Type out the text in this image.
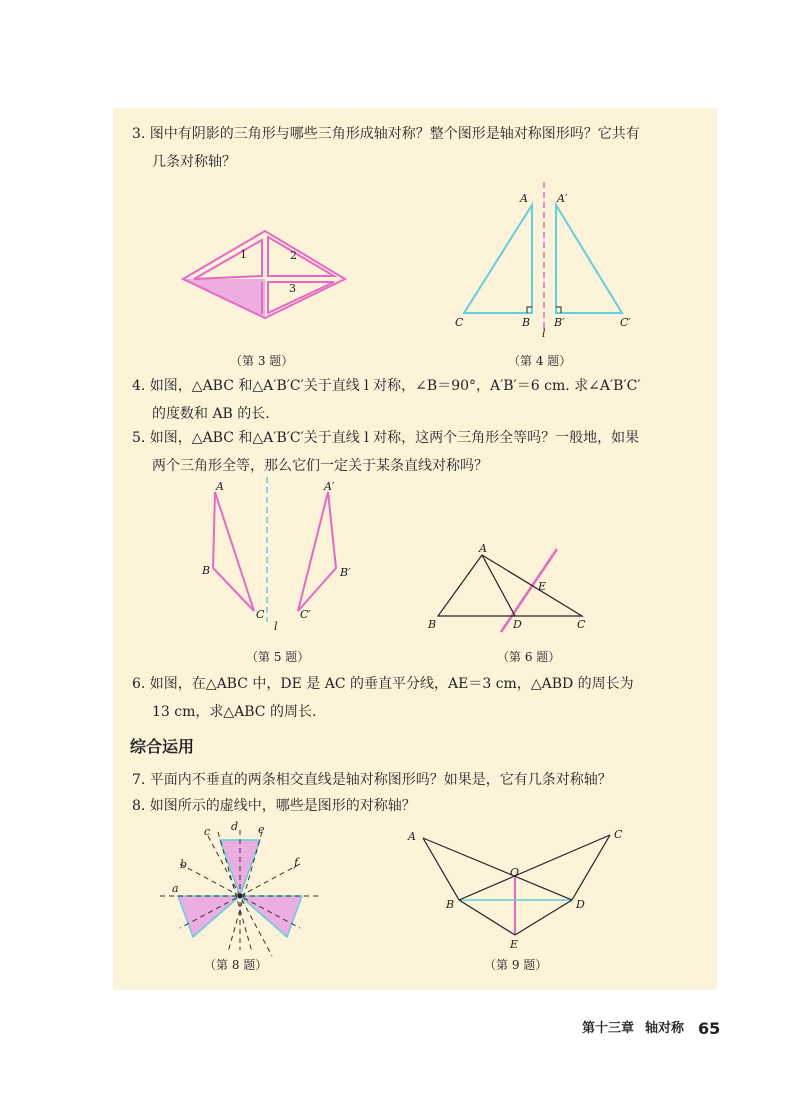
3. 图中有阴影的三角形与哪些三角形成轴对称？整个图形是轴对称图形吗？它共有
几条对称轴？
1	2
3
（第 3 题）
A	A′
C	B B′	C′
l
（第 4 题）
4. 如图，△ABC 和△A′B′C′关于直线 l 对称，∠B＝90°，A′B′＝6 cm. 求∠A′B′C′
的度数和 AB 的长.
5. 如图，△ABC 和△A′B′C′关于直线 l 对称，这两个三角形全等吗？一般地，如果
两个三角形全等，那么它们一定关于某条直线对称吗？
A	A′
B	B′
C	C′
l
（第 5 题）
A
E
B	D	C
（第 6 题）
6. 如图，在△ABC 中，DE 是 AC 的垂直平分线，AE＝3 cm，△ABD 的周长为
13 cm，求△ABC 的周长.
综合运用
7. 平面内不垂直的两条相交直线是轴对称图形吗？如果是，它有几条对称轴？
8. 如图所示的虚线中，哪些是图形的对称轴？
a
b
c d e
f
（第 8 题）
A	C
O
B	D
E
（第 9 题）
第十三章 轴对称 65
